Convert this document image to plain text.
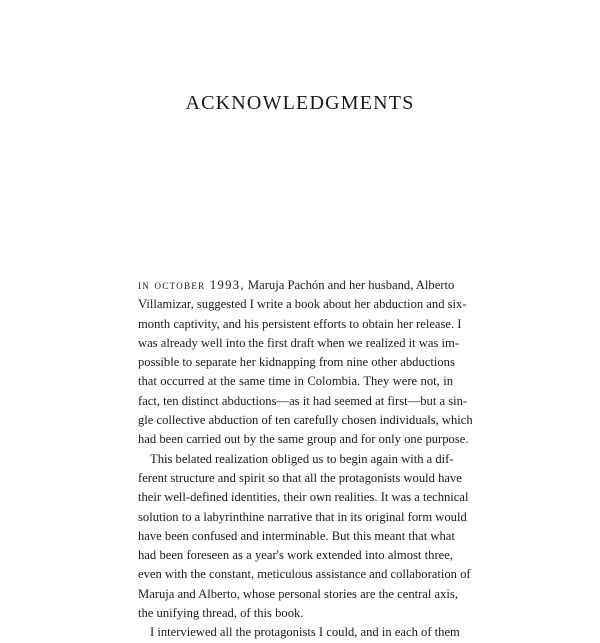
ACKNOWLEDGMENTS
in october 1993, Maruja Pachón and her husband, Alberto
Villamizar, suggested I write a book about her abduction and six-
month captivity, and his persistent efforts to obtain her release. I
was already well into the first draft when we realized it was im-
possible to separate her kidnapping from nine other abductions
that occurred at the same time in Colombia. They were not, in
fact, ten distinct abductions—as it had seemed at first—but a sin-
gle collective abduction of ten carefully chosen individuals, which
had been carried out by the same group and for only one purpose.
This belated realization obliged us to begin again with a dif-
ferent structure and spirit so that all the protagonists would have
their well-defined identities, their own realities. It was a technical
solution to a labyrinthine narrative that in its original form would
have been confused and interminable. But this meant that what
had been foreseen as a year's work extended into almost three,
even with the constant, meticulous assistance and collaboration of
Maruja and Alberto, whose personal stories are the central axis,
the unifying thread, of this book.
I interviewed all the protagonists I could, and in each of them
